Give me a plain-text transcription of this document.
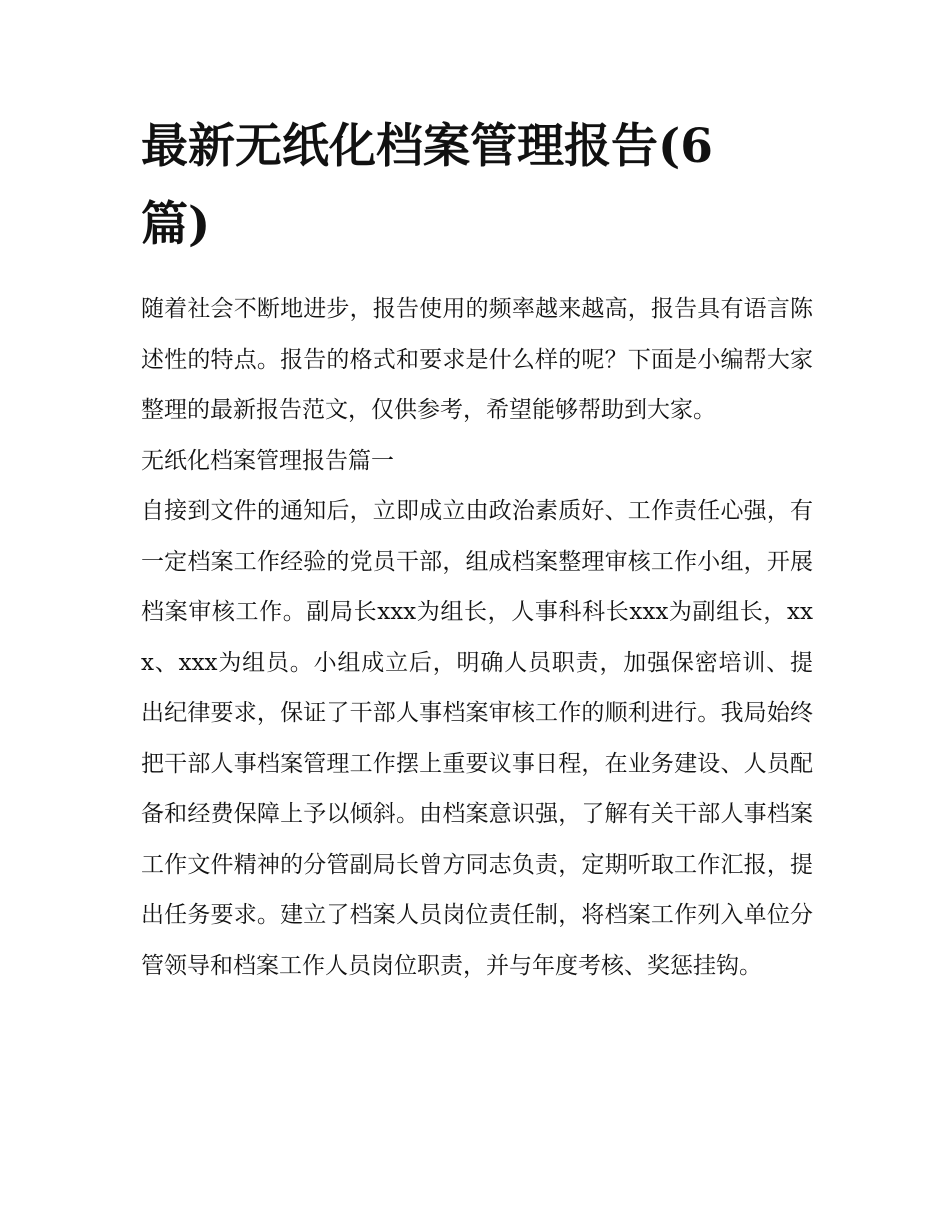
最新无纸化档案管理报告(6篇)

随着社会不断地进步，报告使用的频率越来越高，报告具有语言陈述性的特点。报告的格式和要求是什么样的呢？下面是小编帮大家整理的最新报告范文，仅供参考，希望能够帮助到大家。

无纸化档案管理报告篇一

自接到文件的通知后，立即成立由政治素质好、工作责任心强，有一定档案工作经验的党员干部，组成档案整理审核工作小组，开展档案审核工作。副局长xxx为组长，人事科科长xxx为副组长，xxx、xxx为组员。小组成立后，明确人员职责，加强保密培训、提出纪律要求，保证了干部人事档案审核工作的顺利进行。我局始终把干部人事档案管理工作摆上重要议事日程，在业务建设、人员配备和经费保障上予以倾斜。由档案意识强，了解有关干部人事档案工作文件精神的分管副局长曾方同志负责，定期听取工作汇报，提出任务要求。建立了档案人员岗位责任制，将档案工作列入单位分管领导和档案工作人员岗位职责，并与年度考核、奖惩挂钩。
